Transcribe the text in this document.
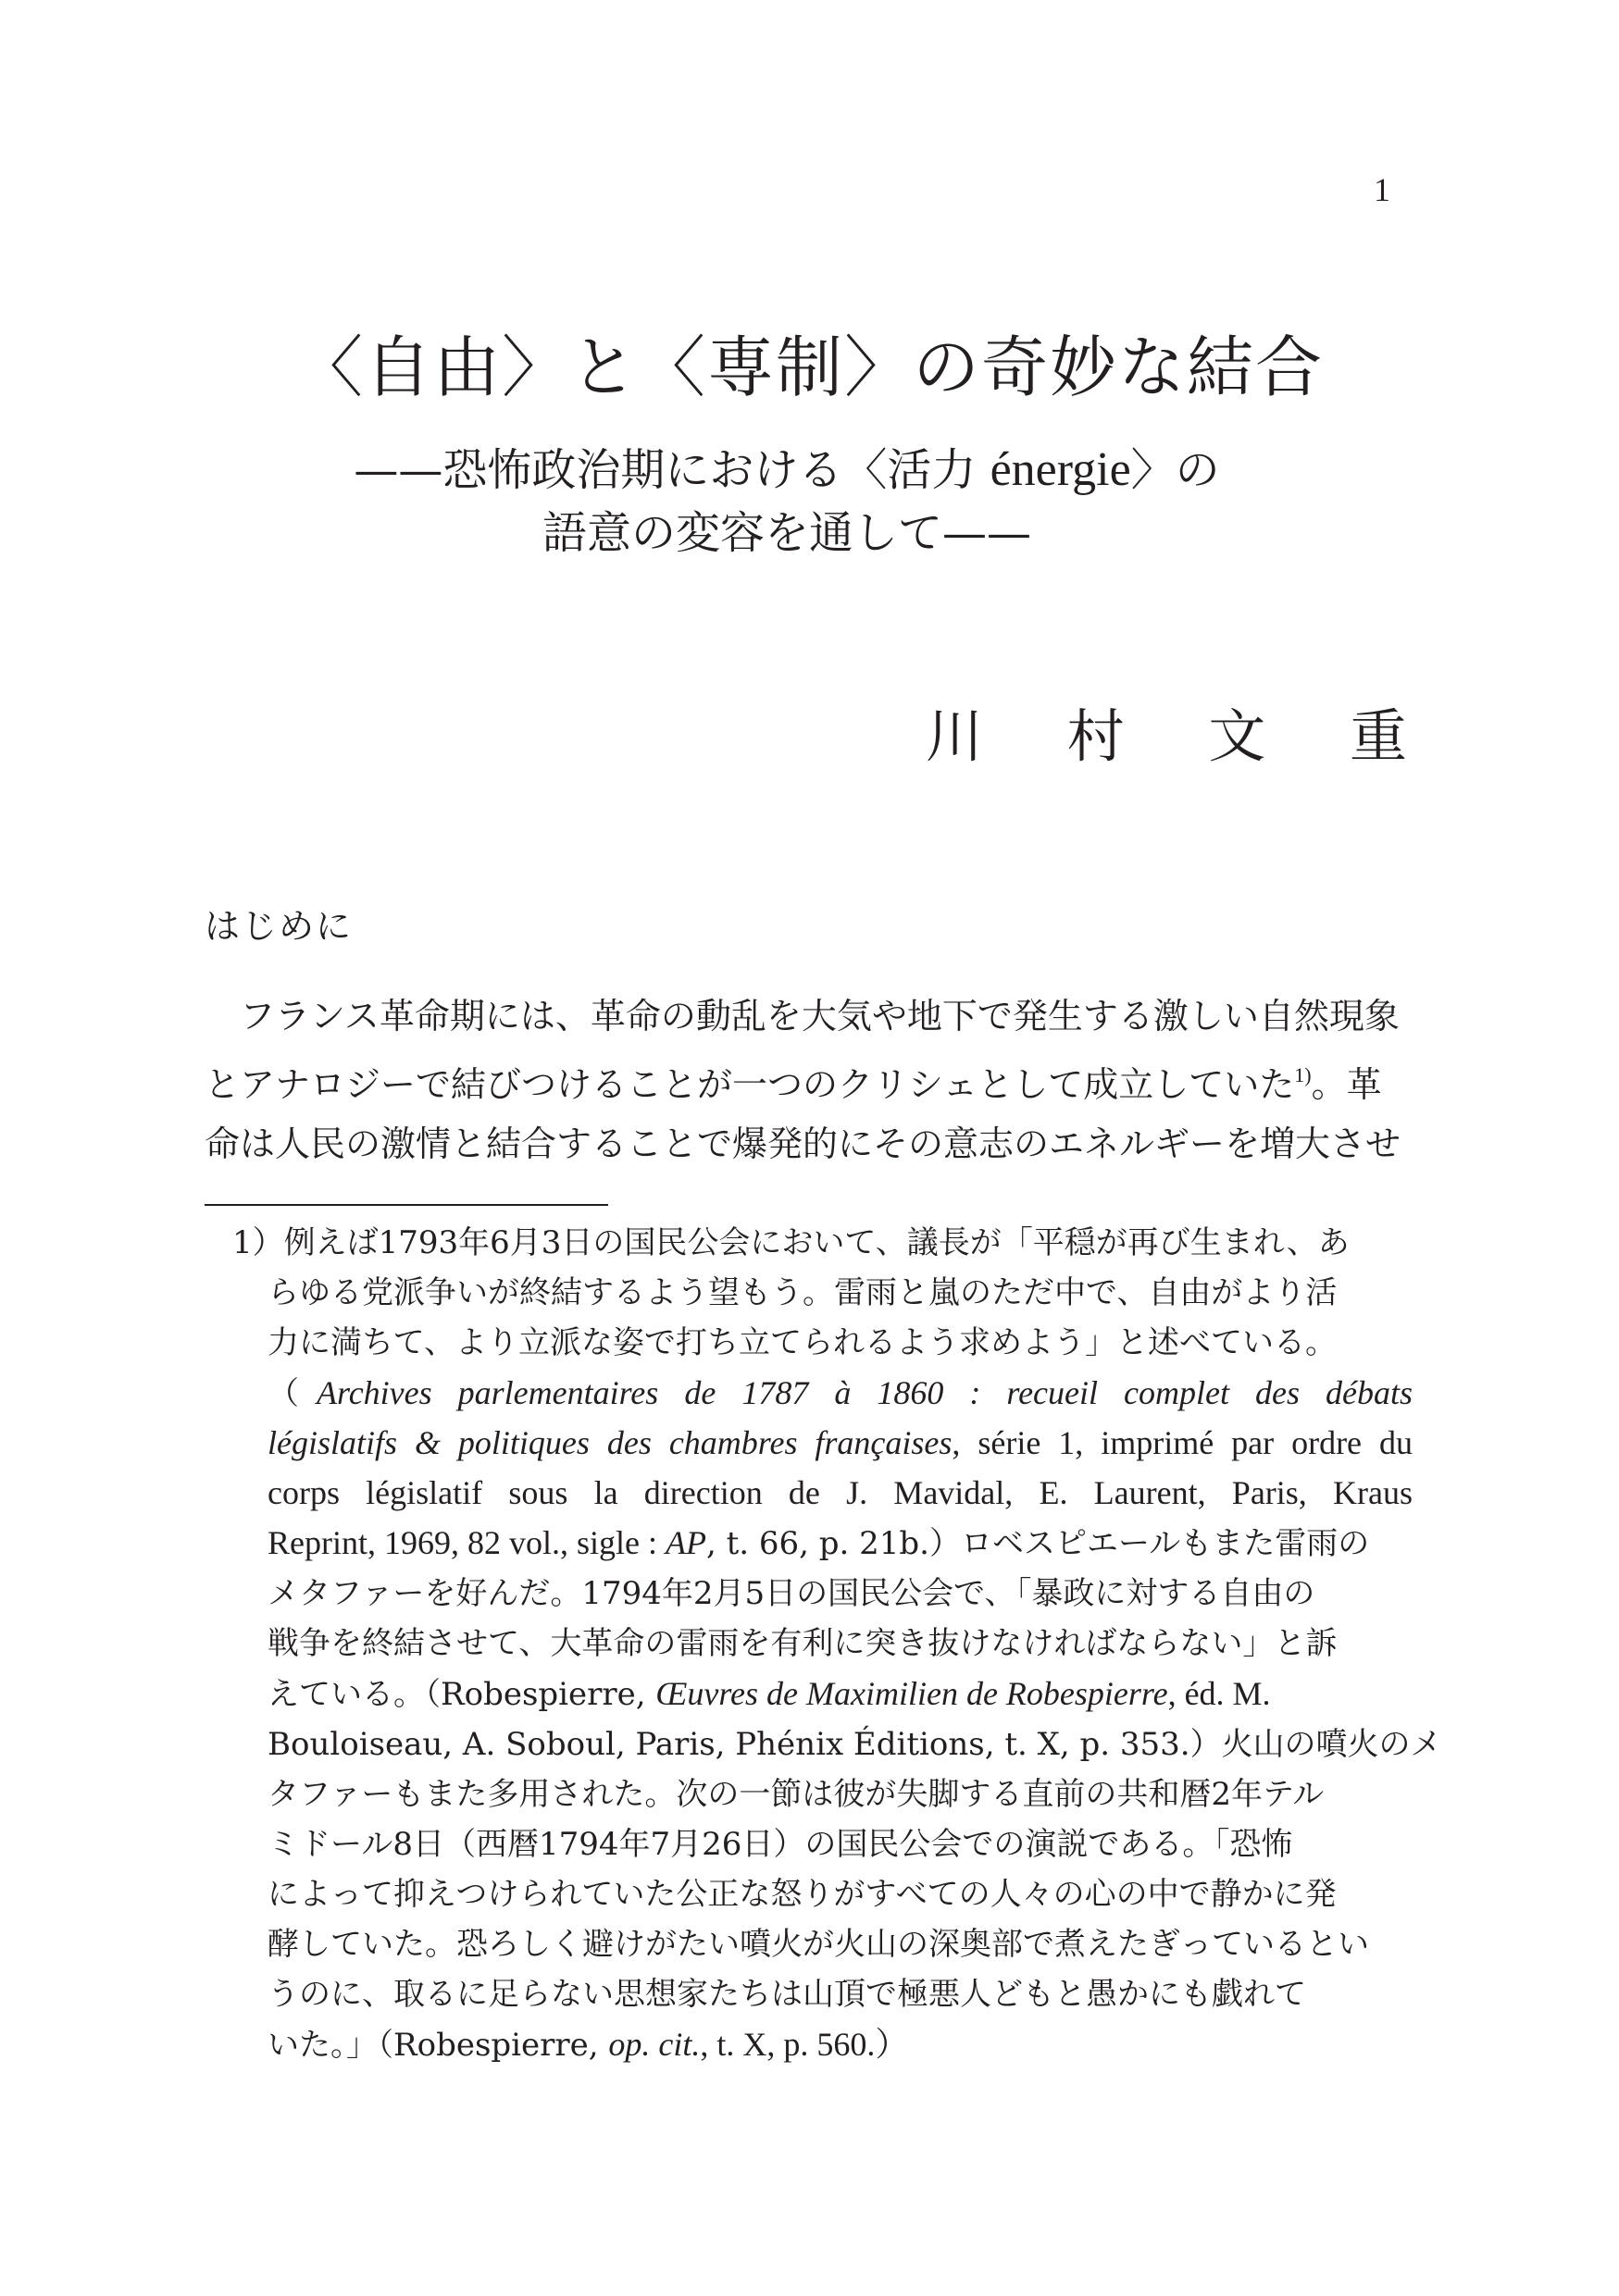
1
〈自由〉と〈専制〉の奇妙な結合
——恐怖政治期における〈活力 énergie〉の
語意の変容を通して——
川 村 文 重
はじめに
　フランス革命期には、革命の動乱を大気や地下で発生する激しい自然現象
とアナロジーで結びつけることが一つのクリシェとして成立していた$^{1)}$。革
命は人民の激情と結合することで爆発的にその意志のエネルギーを増大させ
1）例えば1793年6月3日の国民公会において、議長が「平穏が再び生まれ、あ
らゆる党派争いが終結するよう望もう。雷雨と嵐のただ中で、自由がより活
力に満ちて、より立派な姿で打ち立てられるよう求めよう」と述べている。
（Archives parlementaires de 1787 à 1860 : recueil complet des débats
législatifs & politiques des chambres françaises, série 1, imprimé par ordre du
corps législatif sous la direction de J. Mavidal, E. Laurent, Paris, Kraus
Reprint, 1969, 82 vol., sigle : AP, t. 66, p. 21b.）ロベスピエールもまた雷雨の
メタファーを好んだ。1794年2月5日の国民公会で、「暴政に対する自由の
戦争を終結させて、大革命の雷雨を有利に突き抜けなければならない」と訴
えている。（Robespierre, Œuvres de Maximilien de Robespierre, éd. M.
Bouloiseau, A. Soboul, Paris, Phénix Éditions, t. X, p. 353.）火山の噴火のメ
タファーもまた多用された。次の一節は彼が失脚する直前の共和暦2年テル
ミドール8日（西暦1794年7月26日）の国民公会での演説である。「恐怖
によって抑えつけられていた公正な怒りがすべての人々の心の中で静かに発
酵していた。恐ろしく避けがたい噴火が火山の深奥部で煮えたぎっているとい
うのに、取るに足らない思想家たちは山頂で極悪人どもと愚かにも戯れて
いた。」（Robespierre, op. cit., t. X, p. 560.）
